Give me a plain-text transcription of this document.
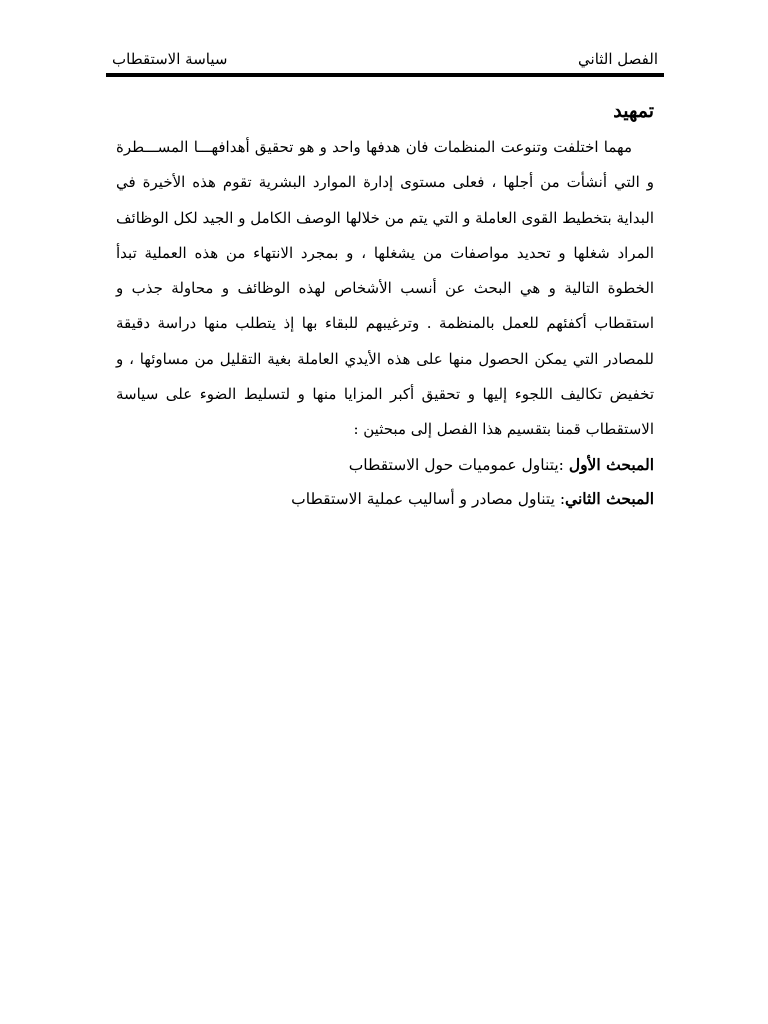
الفصل الثاني
سياسة الاستقطاب
تمهيد

مهما اختلفت وتنوعت المنظمات فان هدفها واحد و هو تحقيق أهدافهـــا المســـطرة و التي أنشأت من أجلها ، فعلى مستوى إدارة الموارد البشرية تقوم هذه الأخيرة في البداية بتخطيط القوى العاملة و التي يتم من خلالها الوصف الكامل و الجيد لكل الوظائف المراد شغلها و تحديد مواصفات من يشغلها ، و بمجرد الانتهاء من هذه العملية تبدأ الخطوة التالية و هي البحث عن أنسب الأشخاص لهذه الوظائف و محاولة جذب و استقطاب أكفئهم للعمل بالمنظمة . وترغيبهم للبقاء بها إذ يتطلب منها دراسة دقيقة للمصادر التي يمكن الحصول منها على هذه الأيدي العاملة بغية التقليل من مساوئها ، و تخفيض تكاليف اللجوء إليها و تحقيق أكبر المزايا منها و لتسليط الضوء على سياسة الاستقطاب قمنا بتقسيم هذا الفصل إلى مبحثين :

المبحث الأول :يتناول عموميات حول الاستقطاب

المبحث الثاني: يتناول مصادر و أساليب عملية الاستقطاب
